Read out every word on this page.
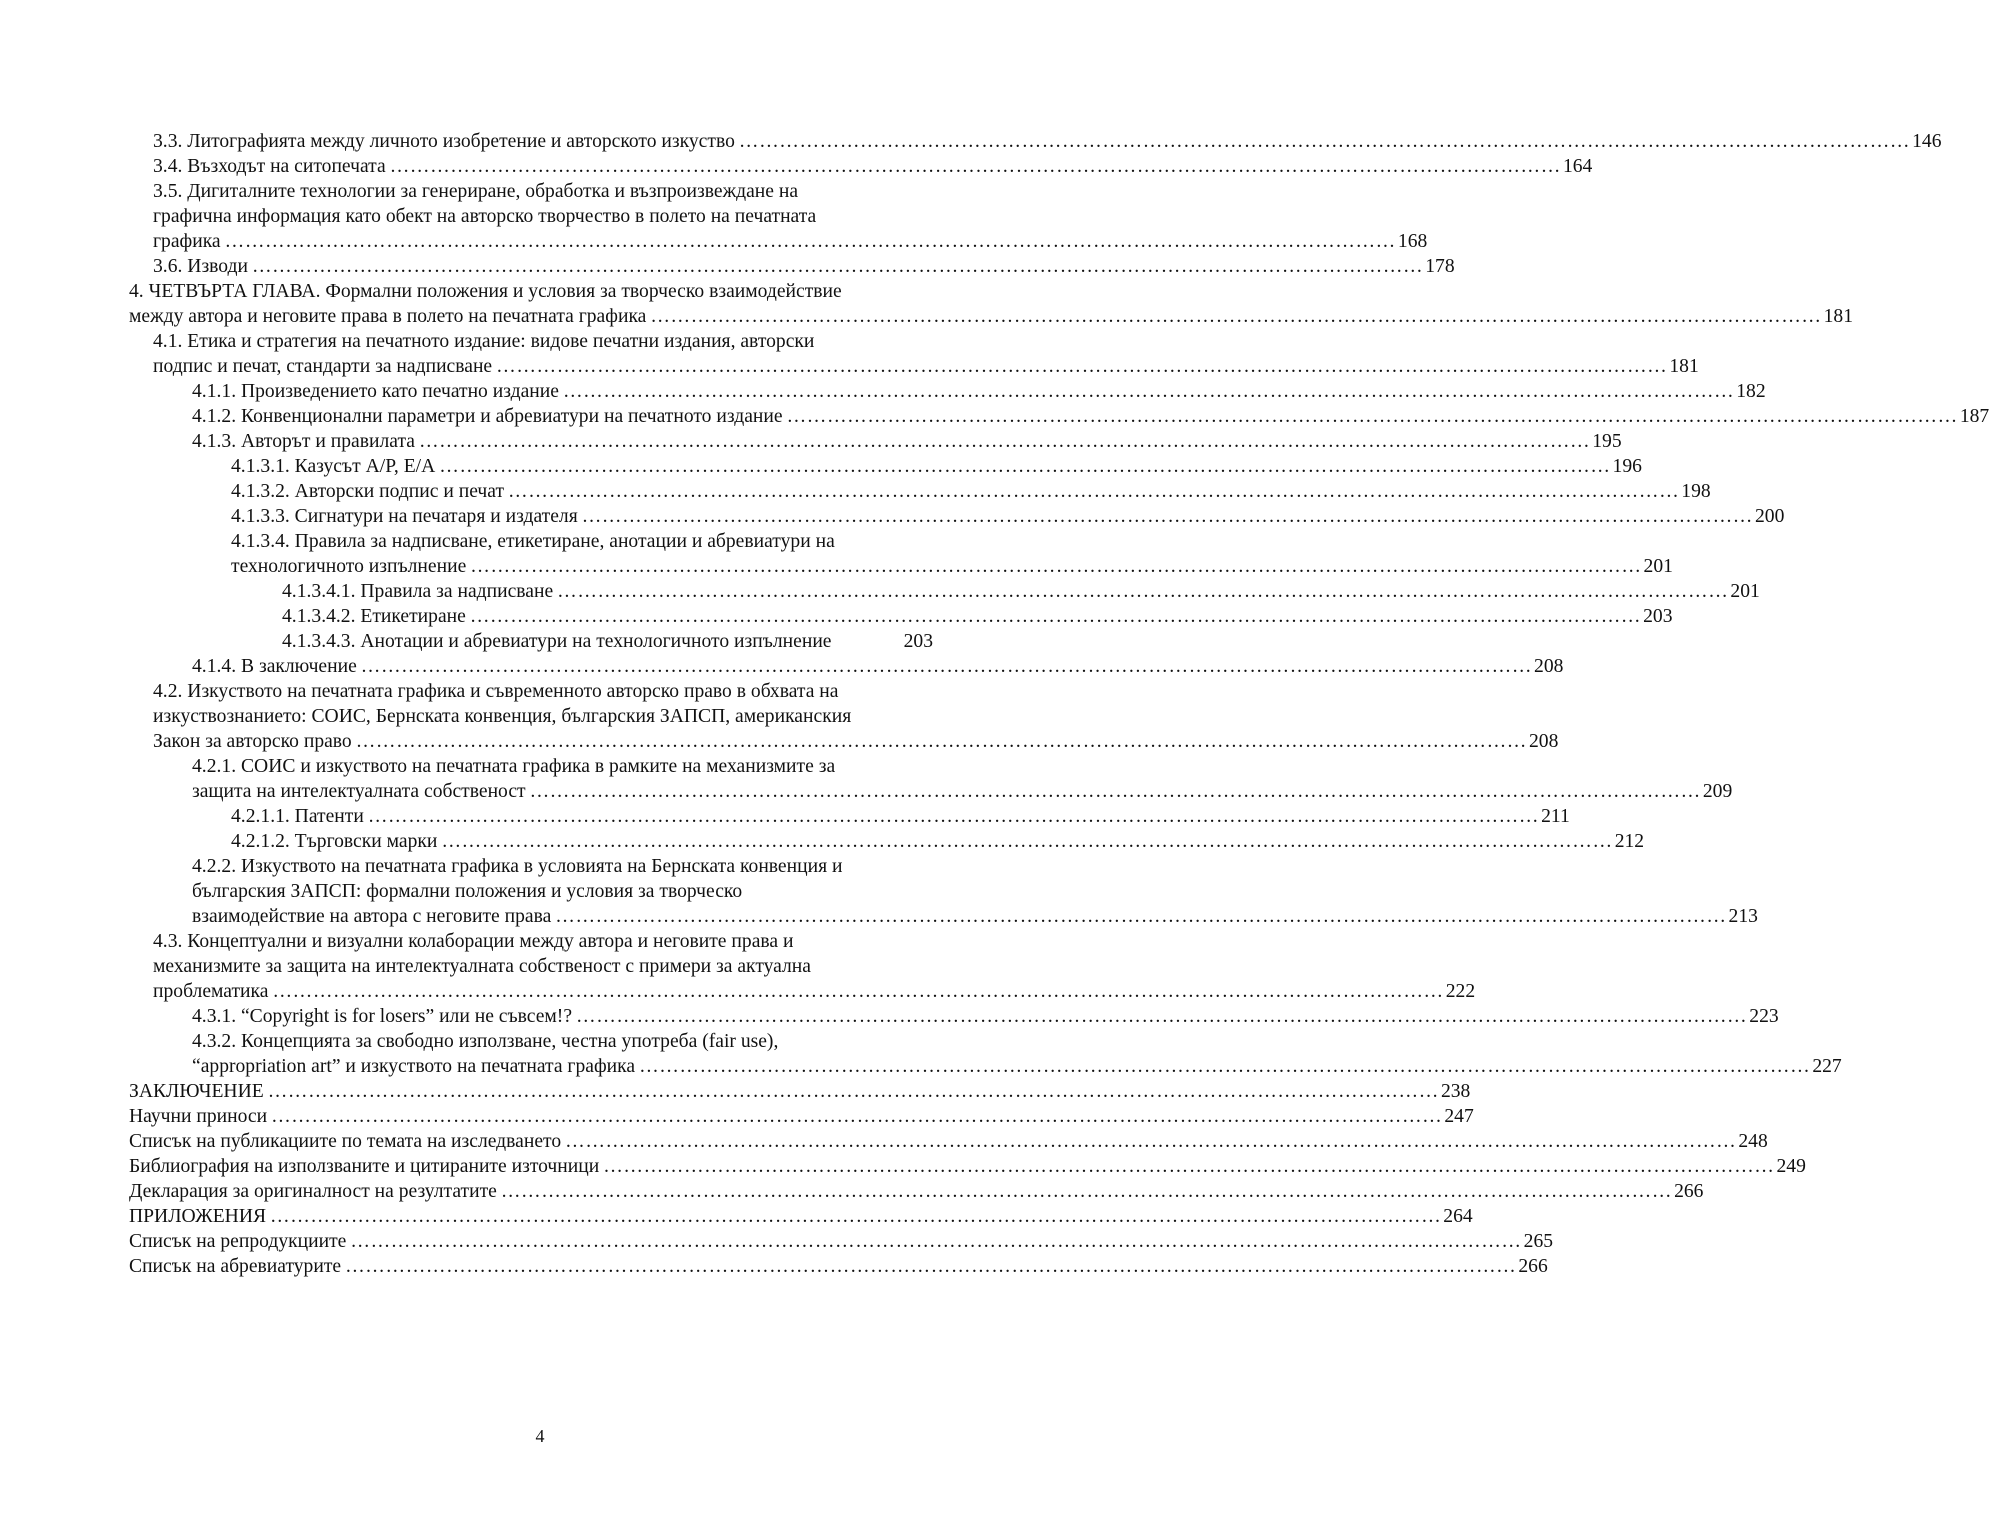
3.3. Литографията между личното изобретение и авторското изкуство ………………………………………………………………………………………………………………………………………………………… 146
3.4. Възходът на ситопечата ………………………………………………………………………………………………………………………………………………………… 164
3.5. Дигиталните технологии за генериране, обработка и възпроизвеждане на
графична информация като обект на авторско творчество в полето на печатната
графика ………………………………………………………………………………………………………………………………………………………… 168
3.6. Изводи ………………………………………………………………………………………………………………………………………………………… 178
4. ЧЕТВЪРТА ГЛАВА. Формални положения и условия за творческо взаимодействие
между автора и неговите права в полето на печатната графика ………………………………………………………………………………………………………………………………………………………… 181
4.1. Етика и стратегия на печатното издание: видове печатни издания, авторски
подпис и печат, стандарти за надписване ………………………………………………………………………………………………………………………………………………………… 181
4.1.1. Произведението като печатно издание ………………………………………………………………………………………………………………………………………………………… 182
4.1.2. Конвенционални параметри и абревиатури на печатното издание ………………………………………………………………………………………………………………………………………………………… 187
4.1.3. Авторът и правилата ………………………………………………………………………………………………………………………………………………………… 195
4.1.3.1. Казусът A/P, E/A ………………………………………………………………………………………………………………………………………………………… 196
4.1.3.2. Авторски подпис и печат ………………………………………………………………………………………………………………………………………………………… 198
4.1.3.3. Сигнатури на печатаря и издателя ………………………………………………………………………………………………………………………………………………………… 200
4.1.3.4. Правила за надписване, етикетиране, анотации и абревиатури на
технологичното изпълнение ………………………………………………………………………………………………………………………………………………………… 201
4.1.3.4.1. Правила за надписване ………………………………………………………………………………………………………………………………………………………… 201
4.1.3.4.2. Етикетиране ………………………………………………………………………………………………………………………………………………………… 203
4.1.3.4.3. Анотации и абревиатури на технологичното изпълнение	203
4.1.4. В заключение ………………………………………………………………………………………………………………………………………………………… 208
4.2. Изкуството на печатната графика и съвременното авторско право в обхвата на
изкуствознанието: СОИС, Бернската конвенция, българския ЗАПСП, американския
Закон за авторско право ………………………………………………………………………………………………………………………………………………………… 208
4.2.1. СОИС и изкуството на печатната графика в рамките на механизмите за
защита на интелектуалната собственост ………………………………………………………………………………………………………………………………………………………… 209
4.2.1.1. Патенти ………………………………………………………………………………………………………………………………………………………… 211
4.2.1.2. Търговски марки ………………………………………………………………………………………………………………………………………………………… 212
4.2.2. Изкуството на печатната графика в условията на Бернската конвенция и
българския ЗАПСП: формални положения и условия за творческо
взаимодействие на автора с неговите права ………………………………………………………………………………………………………………………………………………………… 213
4.3. Концептуални и визуални колаборации между автора и неговите права и
механизмите за защита на интелектуалната собственост с примери за актуална
проблематика ………………………………………………………………………………………………………………………………………………………… 222
4.3.1. “Copyright is for losers” или не съвсем!? ………………………………………………………………………………………………………………………………………………………… 223
4.3.2. Концепцията за свободно използване, честна употреба (fair use),
“approрriation art” и изкуството на печатната графика ………………………………………………………………………………………………………………………………………………………… 227
ЗАКЛЮЧЕНИЕ ………………………………………………………………………………………………………………………………………………………… 238
Научни приноси ………………………………………………………………………………………………………………………………………………………… 247
Списък на публикациите по темата на изследването ………………………………………………………………………………………………………………………………………………………… 248
Библиография на използваните и цитираните източници ………………………………………………………………………………………………………………………………………………………… 249
Декларация за оригиналност на резултатите ………………………………………………………………………………………………………………………………………………………… 266
ПРИЛОЖЕНИЯ ………………………………………………………………………………………………………………………………………………………… 264
Списък на репродукциите ………………………………………………………………………………………………………………………………………………………… 265
Списък на абревиатурите ………………………………………………………………………………………………………………………………………………………… 266
4
